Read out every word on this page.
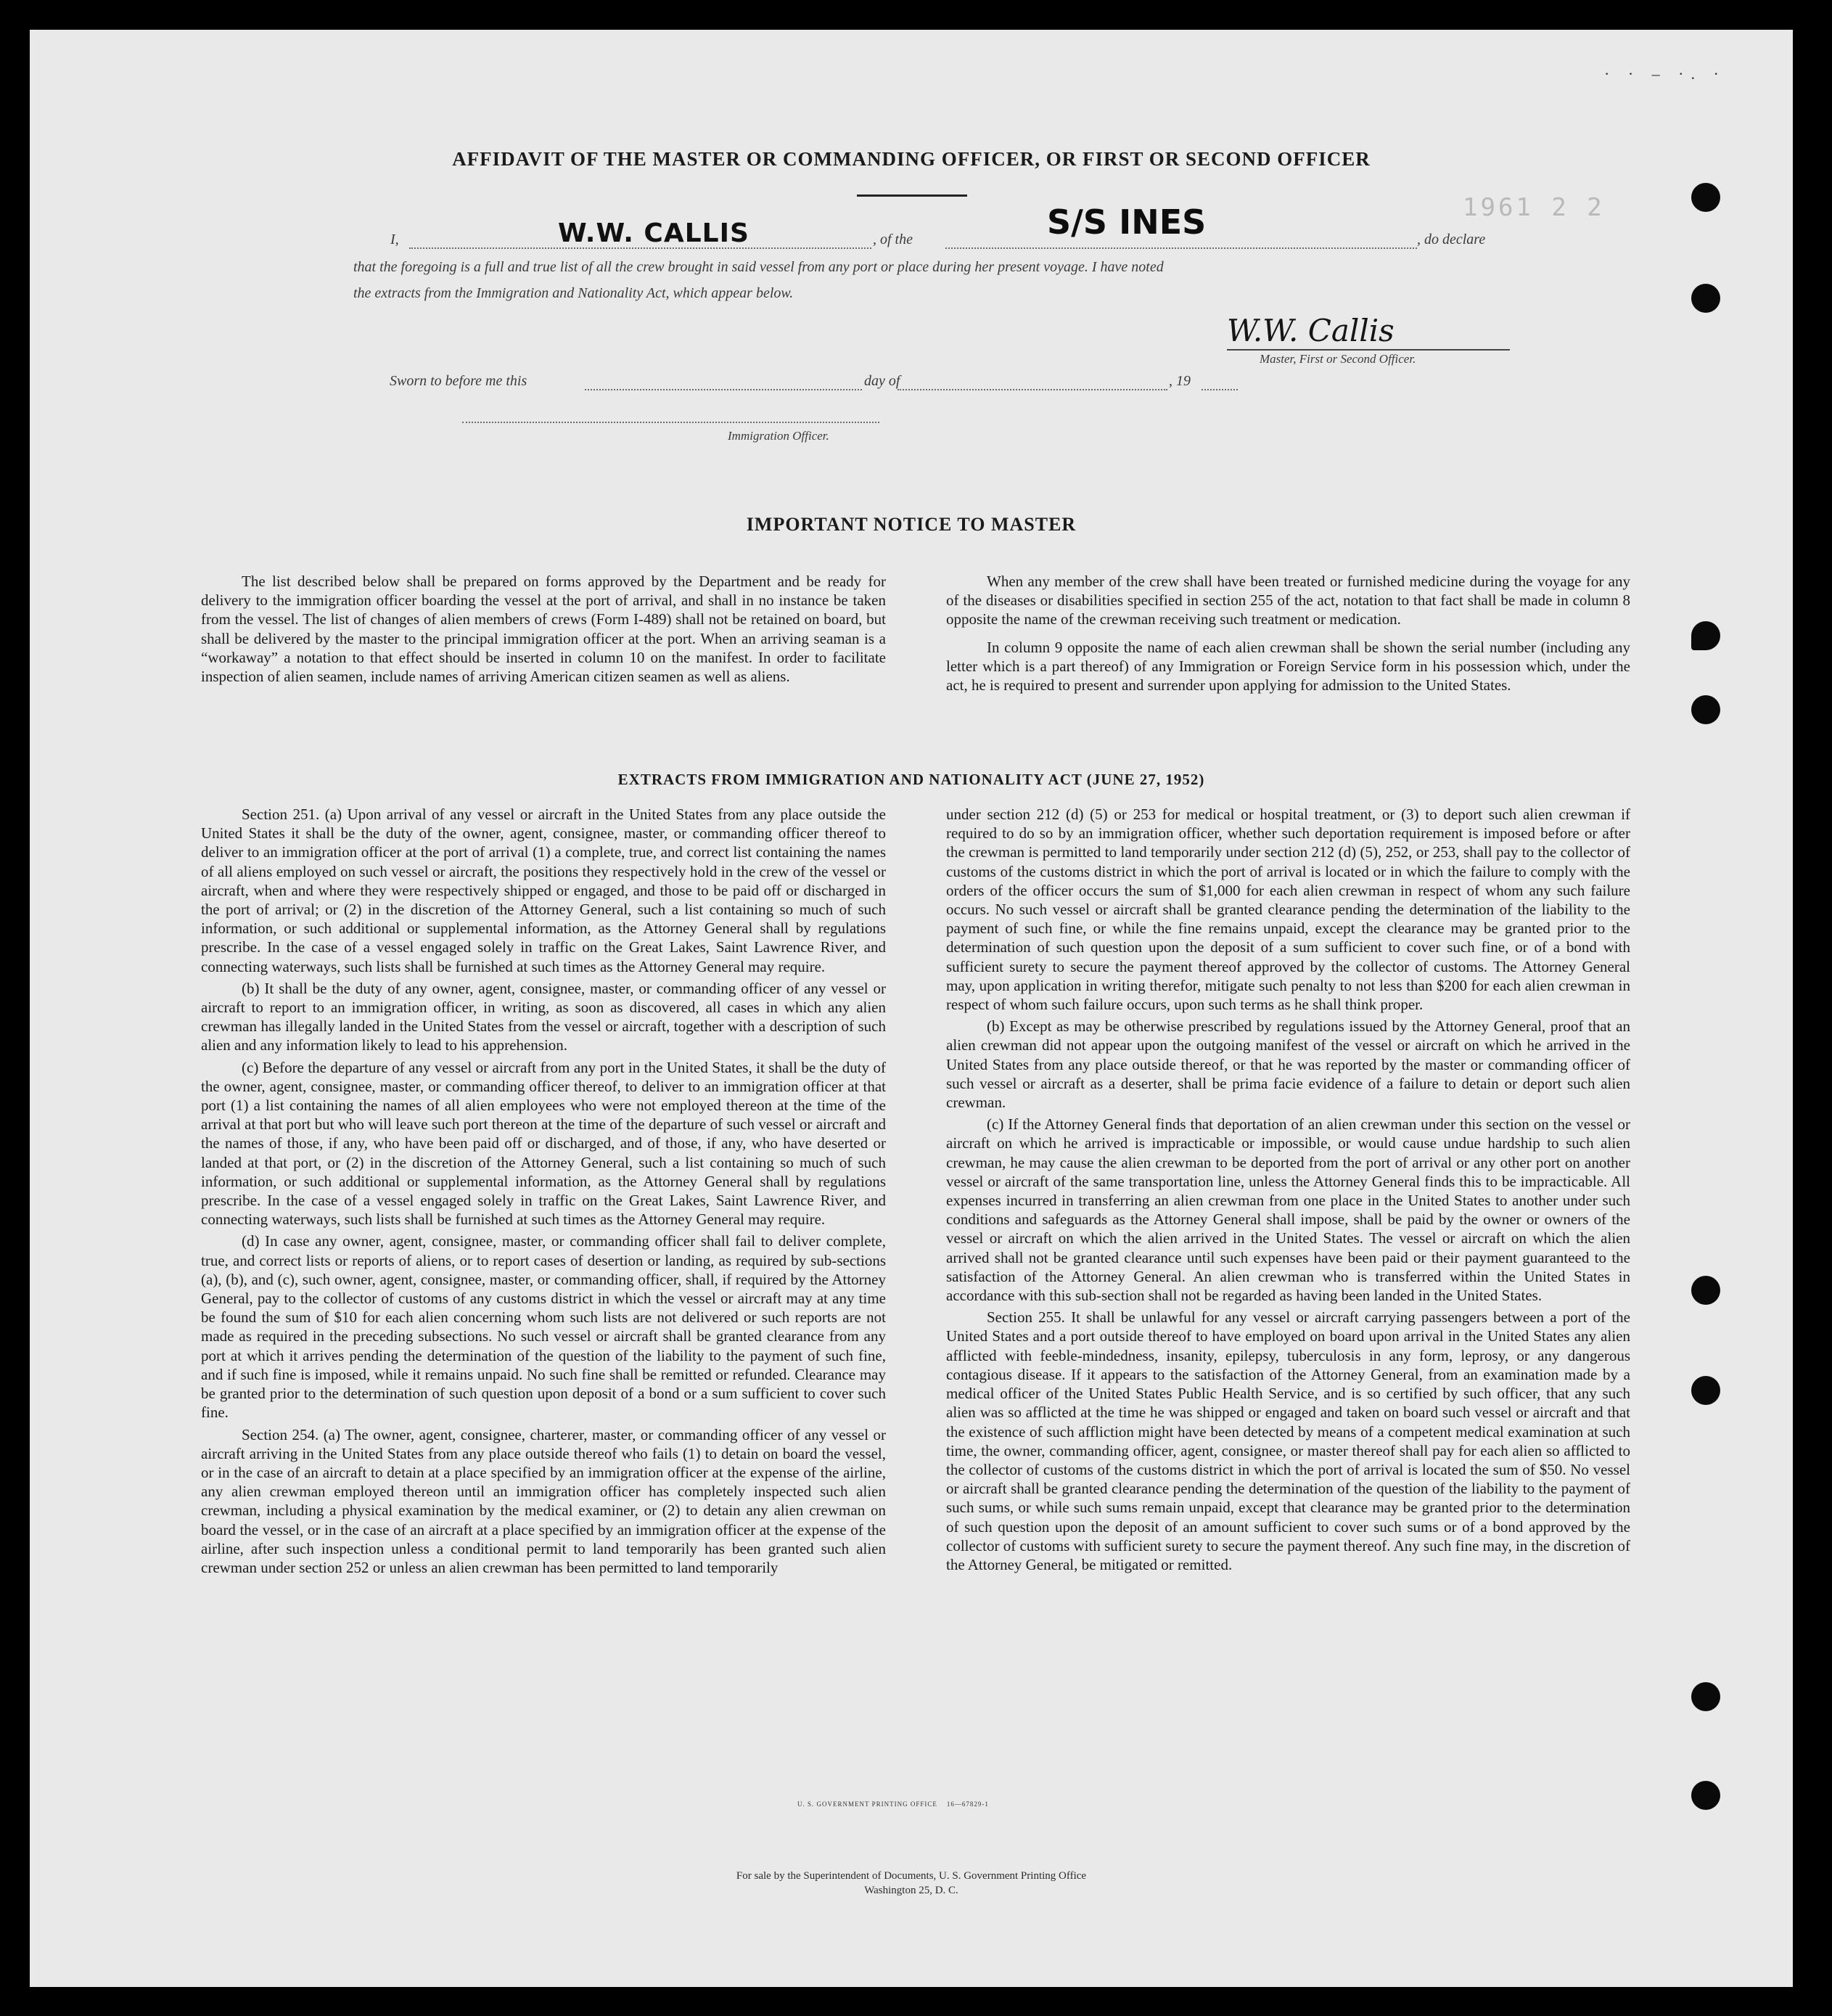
· · – ·. ·
1961 2 2
AFFIDAVIT OF THE MASTER OR COMMANDING OFFICER, OR FIRST OR SECOND OFFICER
I,	W.W. CALLIS	, of the	S/S INES	, do declare
that the foregoing is a full and true list of all the crew brought in said vessel from any port or place during her present voyage. I have noted
the extracts from the Immigration and Nationality Act, which appear below.
W.W. Callis
Master, First or Second Officer.
Sworn to before me this	day of	, 19
Immigration Officer.
IMPORTANT NOTICE TO MASTER

The list described below shall be prepared on forms approved by the Department and be ready for delivery to the immigration officer boarding the vessel at the port of arrival, and shall in no instance be taken from the vessel. The list of changes of alien members of crews (Form I-489) shall not be retained on board, but shall be delivered by the master to the principal immigration officer at the port. When an arriving seaman is a “workaway” a notation to that effect should be inserted in column 10 on the manifest. In order to facilitate inspection of alien seamen, include names of arriving American citizen seamen as well as aliens.

When any member of the crew shall have been treated or furnished medicine during the voyage for any of the diseases or disabilities specified in section 255 of the act, notation to that fact shall be made in column 8 opposite the name of the crewman receiving such treatment or medication.

In column 9 opposite the name of each alien crewman shall be shown the serial number (including any letter which is a part thereof) of any Immigration or Foreign Service form in his possession which, under the act, he is required to present and surrender upon applying for admission to the United States.

EXTRACTS FROM IMMIGRATION AND NATIONALITY ACT (JUNE 27, 1952)

Section 251. (a) Upon arrival of any vessel or aircraft in the United States from any place outside the United States it shall be the duty of the owner, agent, consignee, master, or commanding officer thereof to deliver to an immigration officer at the port of arrival (1) a complete, true, and correct list containing the names of all aliens employed on such vessel or aircraft, the positions they respectively hold in the crew of the vessel or aircraft, when and where they were respectively shipped or engaged, and those to be paid off or discharged in the port of arrival; or (2) in the discretion of the Attorney General, such a list containing so much of such information, or such additional or supplemental information, as the Attorney General shall by regulations prescribe. In the case of a vessel engaged solely in traffic on the Great Lakes, Saint Lawrence River, and connecting waterways, such lists shall be furnished at such times as the Attorney General may require.

(b) It shall be the duty of any owner, agent, consignee, master, or commanding officer of any vessel or aircraft to report to an immigration officer, in writing, as soon as discovered, all cases in which any alien crewman has illegally landed in the United States from the vessel or aircraft, together with a description of such alien and any information likely to lead to his apprehension.

(c) Before the departure of any vessel or aircraft from any port in the United States, it shall be the duty of the owner, agent, consignee, master, or commanding officer thereof, to deliver to an immigration officer at that port (1) a list containing the names of all alien employees who were not employed thereon at the time of the arrival at that port but who will leave such port thereon at the time of the departure of such vessel or aircraft and the names of those, if any, who have been paid off or discharged, and of those, if any, who have deserted or landed at that port, or (2) in the discretion of the Attorney General, such a list containing so much of such information, or such additional or supplemental information, as the Attorney General shall by regulations prescribe. In the case of a vessel engaged solely in traffic on the Great Lakes, Saint Lawrence River, and connecting waterways, such lists shall be furnished at such times as the Attorney General may require.

(d) In case any owner, agent, consignee, master, or commanding officer shall fail to deliver complete, true, and correct lists or reports of aliens, or to report cases of desertion or landing, as required by sub-sections (a), (b), and (c), such owner, agent, consignee, master, or commanding officer, shall, if required by the Attorney General, pay to the collector of customs of any customs district in which the vessel or aircraft may at any time be found the sum of $10 for each alien concerning whom such lists are not delivered or such reports are not made as required in the preceding subsections. No such vessel or aircraft shall be granted clearance from any port at which it arrives pending the determination of the question of the liability to the payment of such fine, and if such fine is imposed, while it remains unpaid. No such fine shall be remitted or refunded. Clearance may be granted prior to the determination of such question upon deposit of a bond or a sum sufficient to cover such fine.

Section 254. (a) The owner, agent, consignee, charterer, master, or commanding officer of any vessel or aircraft arriving in the United States from any place outside thereof who fails (1) to detain on board the vessel, or in the case of an aircraft to detain at a place specified by an immigration officer at the expense of the airline, any alien crewman employed thereon until an immigration officer has completely inspected such alien crewman, including a physical examination by the medical examiner, or (2) to detain any alien crewman on board the vessel, or in the case of an aircraft at a place specified by an immigration officer at the expense of the airline, after such inspection unless a conditional permit to land temporarily has been granted such alien crewman under section 252 or unless an alien crewman has been permitted to land temporarily

under section 212 (d) (5) or 253 for medical or hospital treatment, or (3) to deport such alien crewman if required to do so by an immigration officer, whether such deportation requirement is imposed before or after the crewman is permitted to land temporarily under section 212 (d) (5), 252, or 253, shall pay to the collector of customs of the customs district in which the port of arrival is located or in which the failure to comply with the orders of the officer occurs the sum of $1,000 for each alien crewman in respect of whom any such failure occurs. No such vessel or aircraft shall be granted clearance pending the determination of the liability to the payment of such fine, or while the fine remains unpaid, except the clearance may be granted prior to the determination of such question upon the deposit of a sum sufficient to cover such fine, or of a bond with sufficient surety to secure the payment thereof approved by the collector of customs. The Attorney General may, upon application in writing therefor, mitigate such penalty to not less than $200 for each alien crewman in respect of whom such failure occurs, upon such terms as he shall think proper.

(b) Except as may be otherwise prescribed by regulations issued by the Attorney General, proof that an alien crewman did not appear upon the outgoing manifest of the vessel or aircraft on which he arrived in the United States from any place outside thereof, or that he was reported by the master or commanding officer of such vessel or aircraft as a deserter, shall be prima facie evidence of a failure to detain or deport such alien crewman.

(c) If the Attorney General finds that deportation of an alien crewman under this section on the vessel or aircraft on which he arrived is impracticable or impossible, or would cause undue hardship to such alien crewman, he may cause the alien crewman to be deported from the port of arrival or any other port on another vessel or aircraft of the same transportation line, unless the Attorney General finds this to be impracticable. All expenses incurred in transferring an alien crewman from one place in the United States to another under such conditions and safeguards as the Attorney General shall impose, shall be paid by the owner or owners of the vessel or aircraft on which the alien arrived in the United States. The vessel or aircraft on which the alien arrived shall not be granted clearance until such expenses have been paid or their payment guaranteed to the satisfaction of the Attorney General. An alien crewman who is transferred within the United States in accordance with this sub-section shall not be regarded as having been landed in the United States.

Section 255. It shall be unlawful for any vessel or aircraft carrying passengers between a port of the United States and a port outside thereof to have employed on board upon arrival in the United States any alien afflicted with feeble-mindedness, insanity, epilepsy, tuberculosis in any form, leprosy, or any dangerous contagious disease. If it appears to the satisfaction of the Attorney General, from an examination made by a medical officer of the United States Public Health Service, and is so certified by such officer, that any such alien was so afflicted at the time he was shipped or engaged and taken on board such vessel or aircraft and that the existence of such affliction might have been detected by means of a competent medical examination at such time, the owner, commanding officer, agent, consignee, or master thereof shall pay for each alien so afflicted to the collector of customs of the customs district in which the port of arrival is located the sum of $50. No vessel or aircraft shall be granted clearance pending the determination of the question of the liability to the payment of such sums, or while such sums remain unpaid, except that clearance may be granted prior to the determination of such question upon the deposit of an amount sufficient to cover such sums or of a bond approved by the collector of customs with sufficient surety to secure the payment thereof. Any such fine may, in the discretion of the Attorney General, be mitigated or remitted.

U. S. GOVERNMENT PRINTING OFFICE    16—67829-1
For sale by the Superintendent of Documents, U. S. Government Printing Office
Washington 25, D. C.
